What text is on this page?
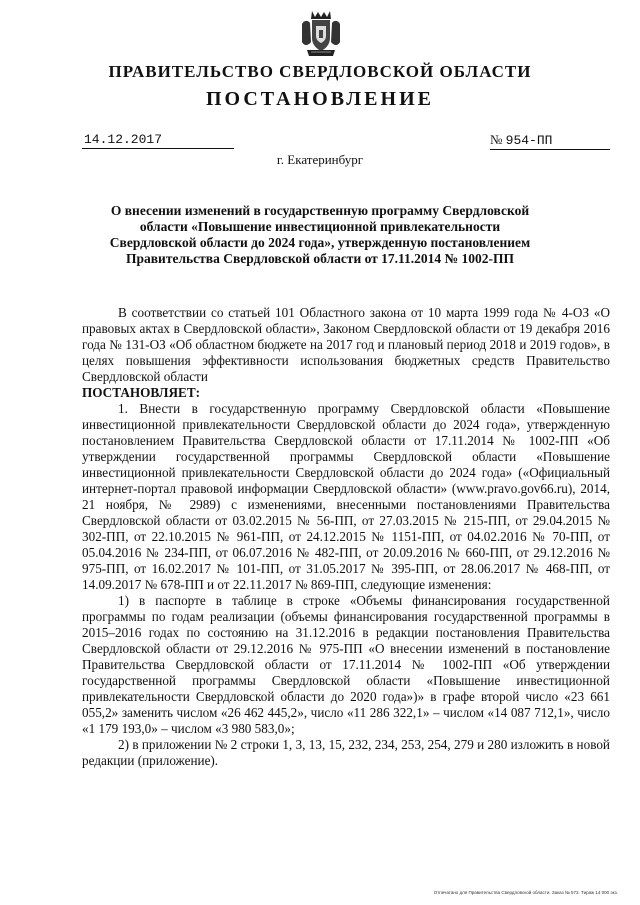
ПРАВИТЕЛЬСТВО СВЕРДЛОВСКОЙ ОБЛАСТИ
ПОСТАНОВЛЕНИЕ
14.12.2017	№ 954-ПП
г. Екатеринбург
О внесении изменений в государственную программу Свердловской области «Повышение инвестиционной привлекательности Свердловской области до 2024 года», утвержденную постановлением Правительства Свердловской области от 17.11.2014 № 1002-ПП

В соответствии со статьей 101 Областного закона от 10 марта 1999 года № 4-ОЗ «О правовых актах в Свердловской области», Законом Свердловской области от 19 декабря 2016 года № 131-ОЗ «Об областном бюджете на 2017 год и плановый период 2018 и 2019 годов», в целях повышения эффективности использования бюджетных средств Правительство Свердловской области

ПОСТАНОВЛЯЕТ:

1. Внести в государственную программу Свердловской области «Повышение инвестиционной привлекательности Свердловской области до 2024 года», утвержденную постановлением Правительства Свердловской области от 17.11.2014 № 1002-ПП «Об утверждении государственной программы Свердловской области «Повышение инвестиционной привлекательности Свердловской области до 2024 года» («Официальный интернет-портал правовой информации Свердловской области» (www.pravo.gov66.ru), 2014, 21 ноября, № 2989) с изменениями, внесенными постановлениями Правительства Свердловской области от 03.02.2015 № 56-ПП, от 27.03.2015 № 215-ПП, от 29.04.2015 № 302-ПП, от 22.10.2015 № 961-ПП, от 24.12.2015 № 1151-ПП, от 04.02.2016 № 70-ПП, от 05.04.2016 № 234-ПП, от 06.07.2016 № 482-ПП, от 20.09.2016 № 660-ПП, от 29.12.2016 № 975-ПП, от 16.02.2017 № 101-ПП, от 31.05.2017 № 395-ПП, от 28.06.2017 № 468-ПП, от 14.09.2017 № 678-ПП и от 22.11.2017 № 869-ПП, следующие изменения:

1) в паспорте в таблице в строке «Объемы финансирования государственной программы по годам реализации (объемы финансирования государственной программы в 2015–2016 годах по состоянию на 31.12.2016 в редакции постановления Правительства Свердловской области от 29.12.2016 № 975-ПП «О внесении изменений в постановление Правительства Свердловской области от 17.11.2014 № 1002-ПП «Об утверждении государственной программы Свердловской области «Повышение инвестиционной привлекательности Свердловской области до 2020 года»)» в графе второй число «23 661 055,2» заменить числом «26 462 445,2», число «11 286 322,1» – числом «14 087 712,1», число «1 179 193,0» – числом «3 980 583,0»;

2) в приложении № 2 строки 1, 3, 13, 15, 232, 234, 253, 254, 279 и 280 изложить в новой редакции (приложение).

Отпечатано для Правительства Свердловской области. Заказ № 573. Тираж 14 000 экз.
